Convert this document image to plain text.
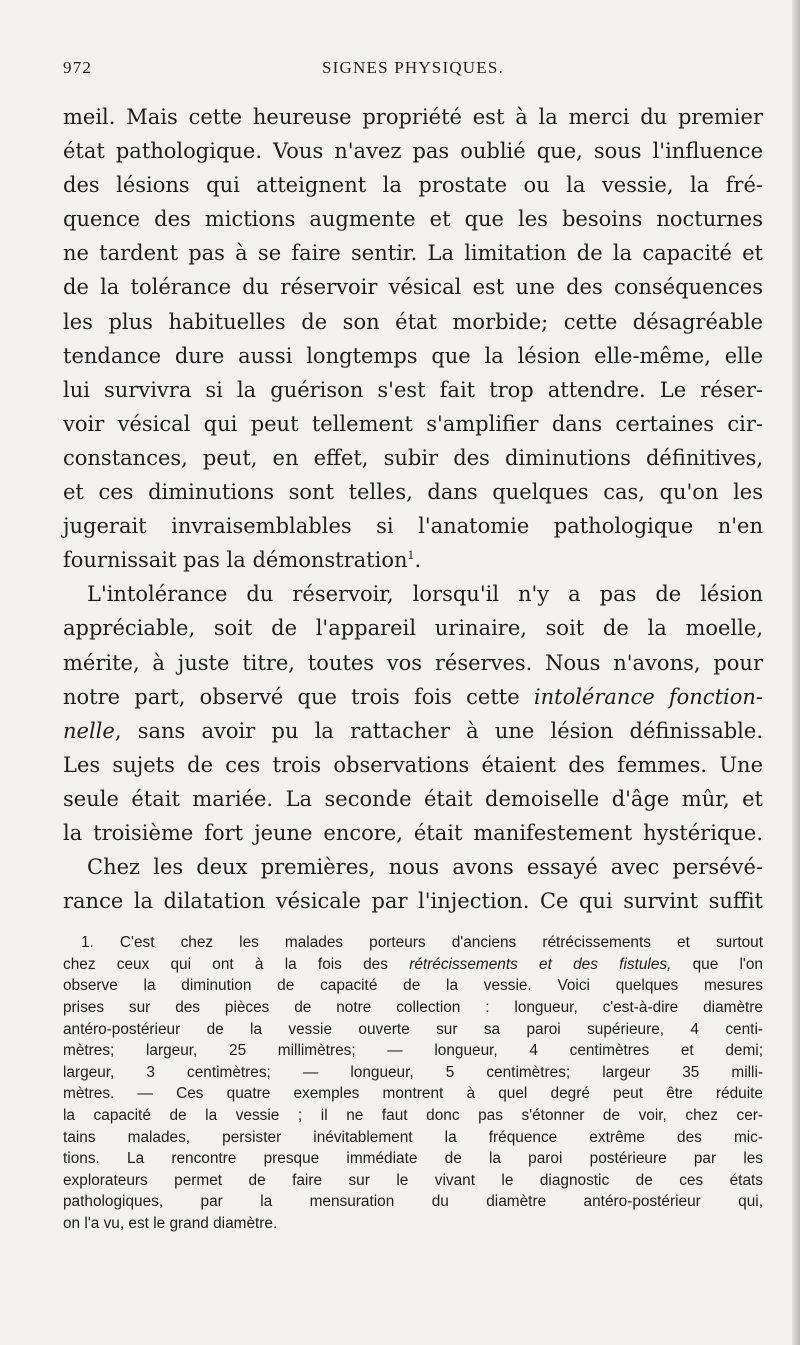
972	SIGNES PHYSIQUES.
meil. Mais cette heureuse propriété est à la merci du premier
état pathologique. Vous n'avez pas oublié que, sous l'influence
des lésions qui atteignent la prostate ou la vessie, la fré-
quence des mictions augmente et que les besoins nocturnes
ne tardent pas à se faire sentir. La limitation de la capacité et
de la tolérance du réservoir vésical est une des conséquences
les plus habituelles de son état morbide; cette désagréable
tendance dure aussi longtemps que la lésion elle-même, elle
lui survivra si la guérison s'est fait trop attendre. Le réser-
voir vésical qui peut tellement s'amplifier dans certaines cir-
constances, peut, en effet, subir des diminutions définitives,
et ces diminutions sont telles, dans quelques cas, qu'on les
jugerait invraisemblables si l'anatomie pathologique n'en
fournissait pas la démonstration$^1$.
L'intolérance du réservoir, lorsqu'il n'y a pas de lésion
appréciable, soit de l'appareil urinaire, soit de la moelle,
mérite, à juste titre, toutes vos réserves. Nous n'avons, pour
notre part, observé que trois fois cette intolérance fonction-
nelle, sans avoir pu la rattacher à une lésion définissable.
Les sujets de ces trois observations étaient des femmes. Une
seule était mariée. La seconde était demoiselle d'âge mûr, et
la troisième fort jeune encore, était manifestement hystérique.
Chez les deux premières, nous avons essayé avec persévé-
rance la dilatation vésicale par l'injection. Ce qui survint suffit
1. C'est chez les malades porteurs d'anciens rétrécissements et surtout
chez ceux qui ont à la fois des rétrécissements et des fistules, que l'on
observe la diminution de capacité de la vessie. Voici quelques mesures
prises sur des pièces de notre collection : longueur, c'est-à-dire diamètre
antéro-postérieur de la vessie ouverte sur sa paroi supérieure, 4 centi-
mètres; largeur, 25 millimètres; — longueur, 4 centimètres et demi;
largeur, 3 centimètres; — longueur, 5 centimètres; largeur 35 milli-
mètres. — Ces quatre exemples montrent à quel degré peut être réduite
la capacité de la vessie ; il ne faut donc pas s'étonner de voir, chez cer-
tains malades, persister inévitablement la fréquence extrême des mic-
tions. La rencontre presque immédiate de la paroi postérieure par les
explorateurs permet de faire sur le vivant le diagnostic de ces états
pathologiques, par la mensuration du diamètre antéro-postérieur qui,
on l'a vu, est le grand diamètre.
